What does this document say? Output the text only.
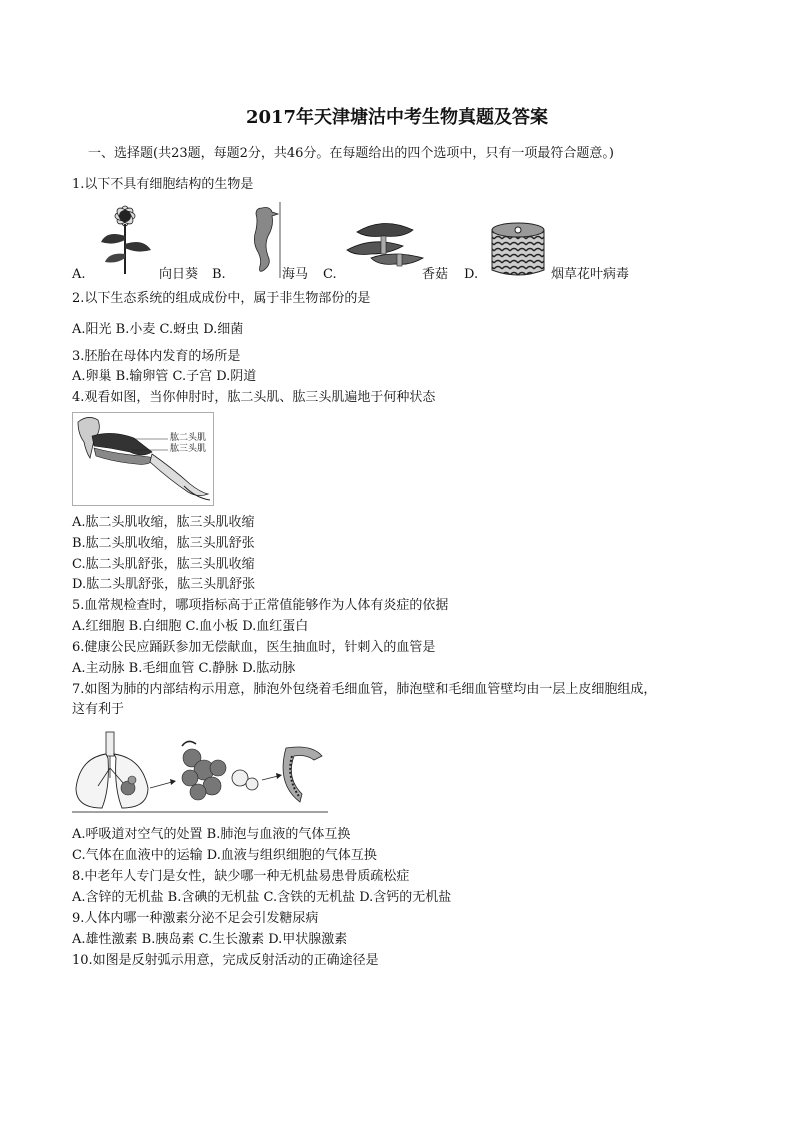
2017年天津塘沽中考生物真题及答案
一、选择题(共23题，每题2分，共46分。在每题给出的四个选项中，只有一项最符合题意。)
1.以下不具有细胞结构的生物是
A.	向日葵 B.	海马 C.	香菇 D.	烟草花叶病毒
2.以下生态系统的组成成份中，属于非生物部份的是
A.阳光 B.小麦 C.蚜虫 D.细菌
3.胚胎在母体内发育的场所是
A.卵巢 B.输卵管 C.子宫 D.阴道
4.观看如图，当你伸肘时，肱二头肌、肱三头肌遍地于何种状态
肱二头肌
肱三头肌
A.肱二头肌收缩，肱三头肌收缩
B.肱二头肌收缩，肱三头肌舒张
C.肱二头肌舒张，肱三头肌收缩
D.肱二头肌舒张，肱三头肌舒张
5.血常规检查时，哪项指标高于正常值能够作为人体有炎症的依据
A.红细胞 B.白细胞 C.血小板 D.血红蛋白
6.健康公民应踊跃参加无偿献血，医生抽血时，针刺入的血管是
A.主动脉 B.毛细血管 C.静脉 D.肱动脉
7.如图为肺的内部结构示用意，肺泡外包绕着毛细血管，肺泡壁和毛细血管壁均由一层上皮细胞组成，
这有利于
A.呼吸道对空气的处置 B.肺泡与血液的气体互换
C.气体在血液中的运输 D.血液与组织细胞的气体互换
8.中老年人专门是女性，缺少哪一种无机盐易患骨质疏松症
A.含锌的无机盐 B.含碘的无机盐 C.含铁的无机盐 D.含钙的无机盐
9.人体内哪一种激素分泌不足会引发糖尿病
A.雄性激素 B.胰岛素 C.生长激素 D.甲状腺激素
10.如图是反射弧示用意，完成反射活动的正确途径是
